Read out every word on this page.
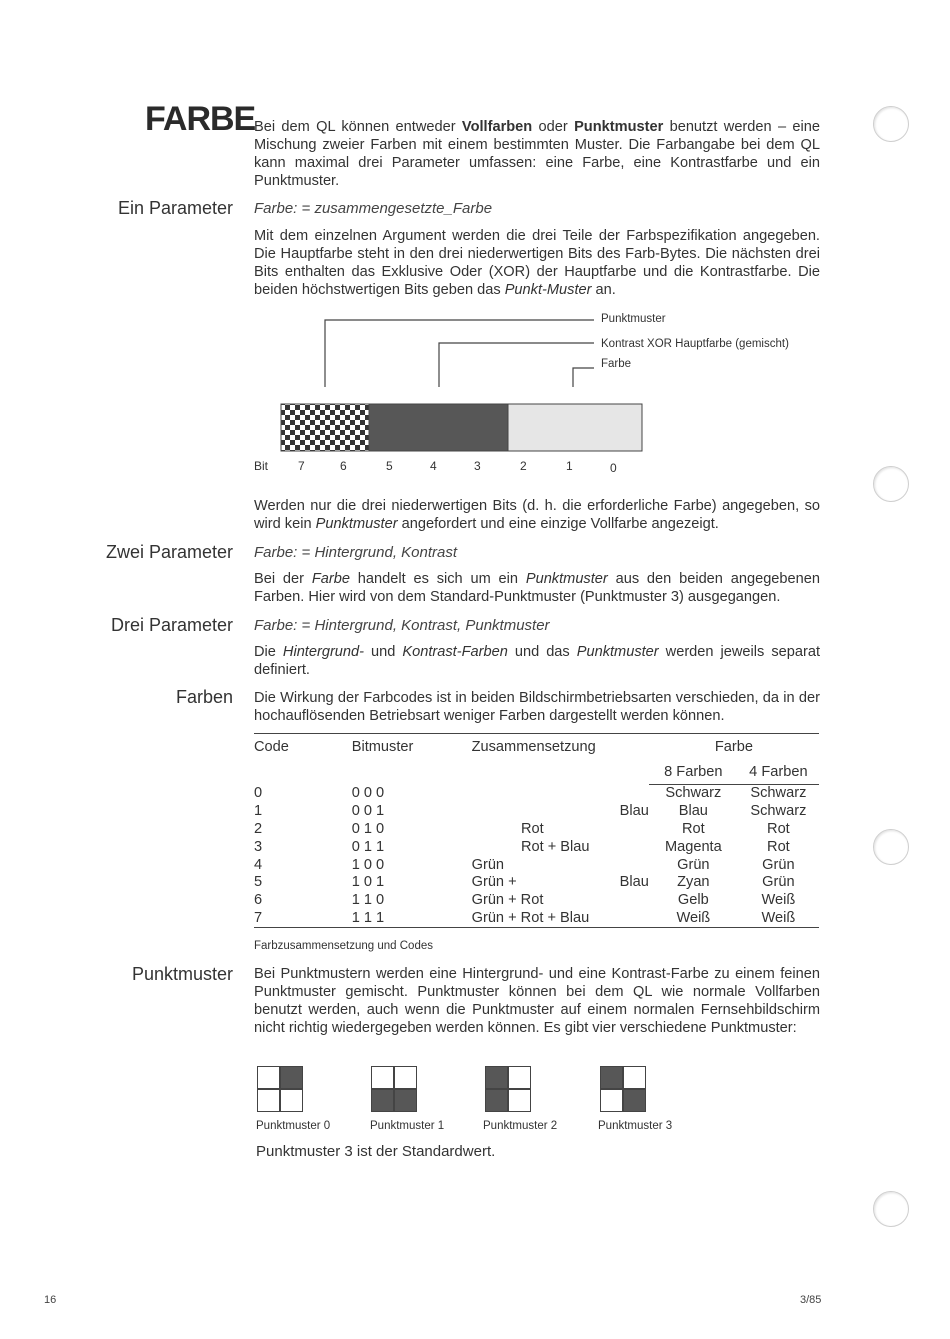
FARBE
Bei dem QL können entweder Vollfarben oder Punktmuster benutzt werden – eine Mischung zweier Farben mit einem bestimmten Muster. Die Farbangabe bei dem QL kann maximal drei Parameter umfassen: eine Farbe, eine Kontrastfarbe und ein Punktmuster.
Ein Parameter Farbe: = zusammengesetzte_Farbe
Mit dem einzelnen Argument werden die drei Teile der Farbspezifikation angegeben. Die Hauptfarbe steht in den drei niederwertigen Bits des Farb-Bytes. Die nächsten drei Bits enthalten das Exklusive Oder (XOR) der Hauptfarbe und die Kontrastfarbe. Die beiden höchstwertigen Bits geben das Punkt-Muster an.
Punktmuster
Kontrast XOR Hauptfarbe (gemischt)
Farbe
Bit 7	6	5	4	3	2	1	0
Werden nur die drei niederwertigen Bits (d. h. die erforderliche Farbe) angegeben, so wird kein Punktmuster angefordert und eine einzige Vollfarbe angezeigt.
Zwei Parameter Farbe: = Hintergrund, Kontrast
Bei der Farbe handelt es sich um ein Punktmuster aus den beiden angegebenen Farben. Hier wird von dem Standard-Punktmuster (Punktmuster 3) ausgegangen.
Drei Parameter Farbe: = Hintergrund, Kontrast, Punktmuster
Die Hintergrund- und Kontrast-Farben und das Punktmuster werden jeweils separat definiert.
Farben Die Wirkung der Farbcodes ist in beiden Bildschirmbetriebsarten verschieden, da in der hochauflösenden Betriebsart weniger Farben dargestellt werden können.
Code	Bitmuster	Zusammensetzung			Farbe	
					8 Farben	4 Farben
0	0 0 0				Schwarz	Schwarz
1	0 0 1			Blau	Blau	Schwarz
2	0 1 0		Rot		Rot	Rot
3	0 1 1		Rot + Blau		Magenta	Rot
4	1 0 0	Grün			Grün	Grün
5	1 0 1	Grün +		Blau	Zyan	Grün
6	1 1 0	Grün + Rot			Gelb	Weiß
7	1 1 1	Grün + Rot + Blau			Weiß	Weiß
Farbzusammensetzung und Codes
Punktmuster Bei Punktmustern werden eine Hintergrund- und eine Kontrast-Farbe zu einem feinen Punktmuster gemischt. Punktmuster können bei dem QL wie normale Vollfarben benutzt werden, auch wenn die Punktmuster auf einem normalen Fernsehbildschirm nicht richtig wiedergegeben werden können. Es gibt vier verschiedene Punktmuster:
Punktmuster 0	Punktmuster 1	Punktmuster 2	Punktmuster 3
Punktmuster 3 ist der Standardwert.
16	3/85
